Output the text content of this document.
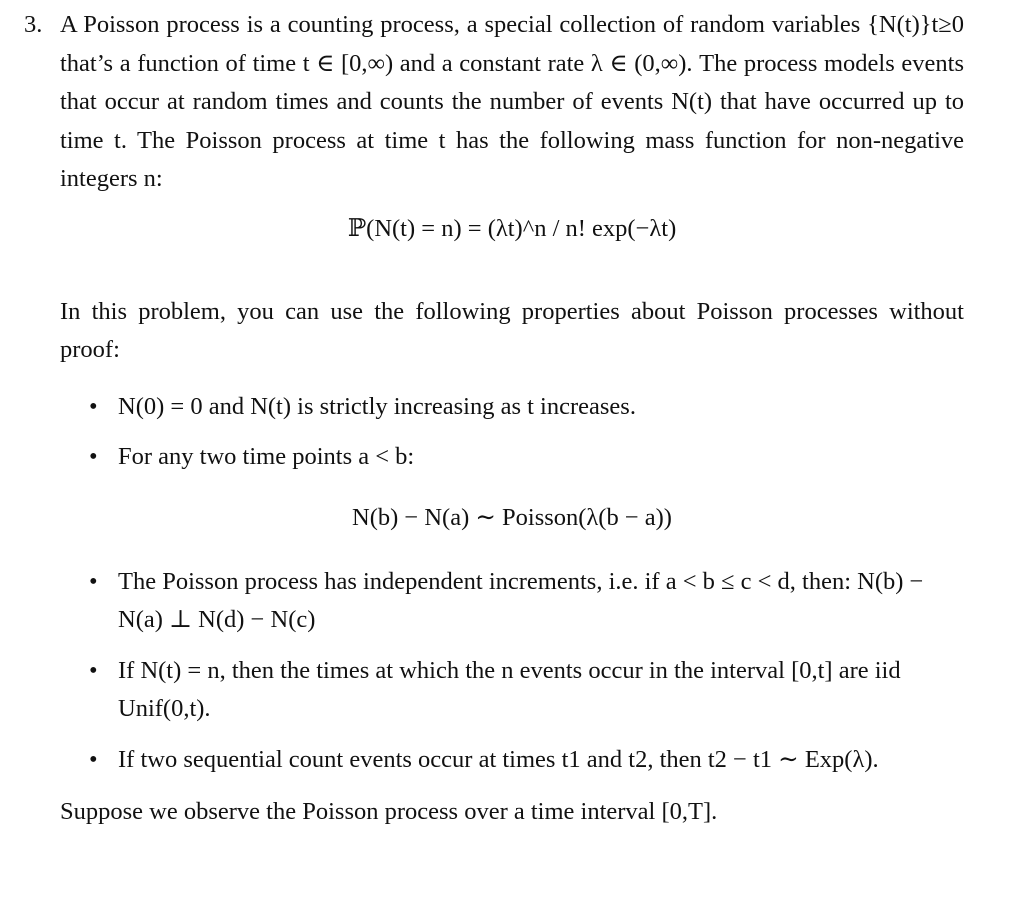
3. A Poisson process is a counting process, a special collection of random variables {N(t)}t≥0 that’s a function of time t ∈ [0,∞) and a constant rate λ ∈ (0,∞). The process models events that occur at random times and counts the number of events N(t) that have occurred up to time t. The Poisson process at time t has the following mass function for non-negative integers n:
ℙ(N(t) = n) = (λt)^n / n! exp(−λt)
In this problem, you can use the following properties about Poisson processes without proof:
• N(0) = 0 and N(t) is strictly increasing as t increases.
• For any two time points a < b:
N(b) − N(a) ∼ Poisson(λ(b − a))
• The Poisson process has independent increments, i.e. if a < b ≤ c < d, then: N(b) − N(a) ⊥ N(d) − N(c)
• If N(t) = n, then the times at which the n events occur in the interval [0,t] are iid Unif(0,t).
• If two sequential count events occur at times t1 and t2, then t2 − t1 ∼ Exp(λ).
Suppose we observe the Poisson process over a time interval [0,T].
